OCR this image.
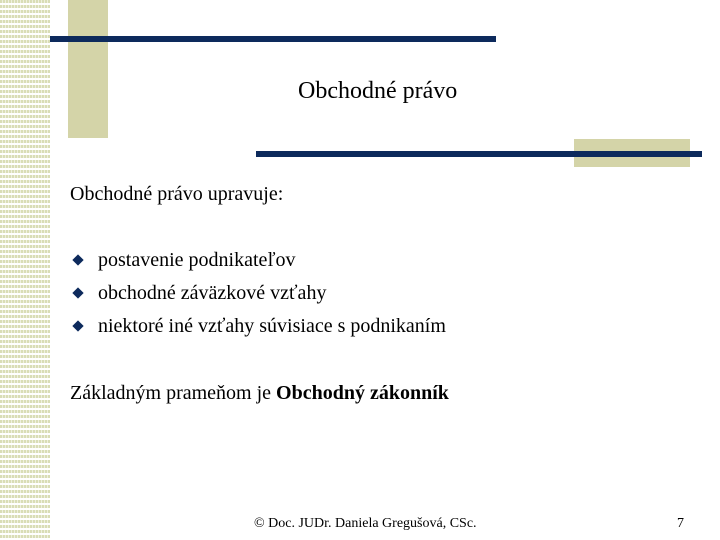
Obchodné právo

Obchodné právo upravuje:

postavenie podnikateľov
obchodné záväzkové vzťahy
niektoré iné vzťahy súvisiace s podnikaním
Základným prameňom je Obchodný zákonník
© Doc. JUDr. Daniela Gregušová, CSc.	7
